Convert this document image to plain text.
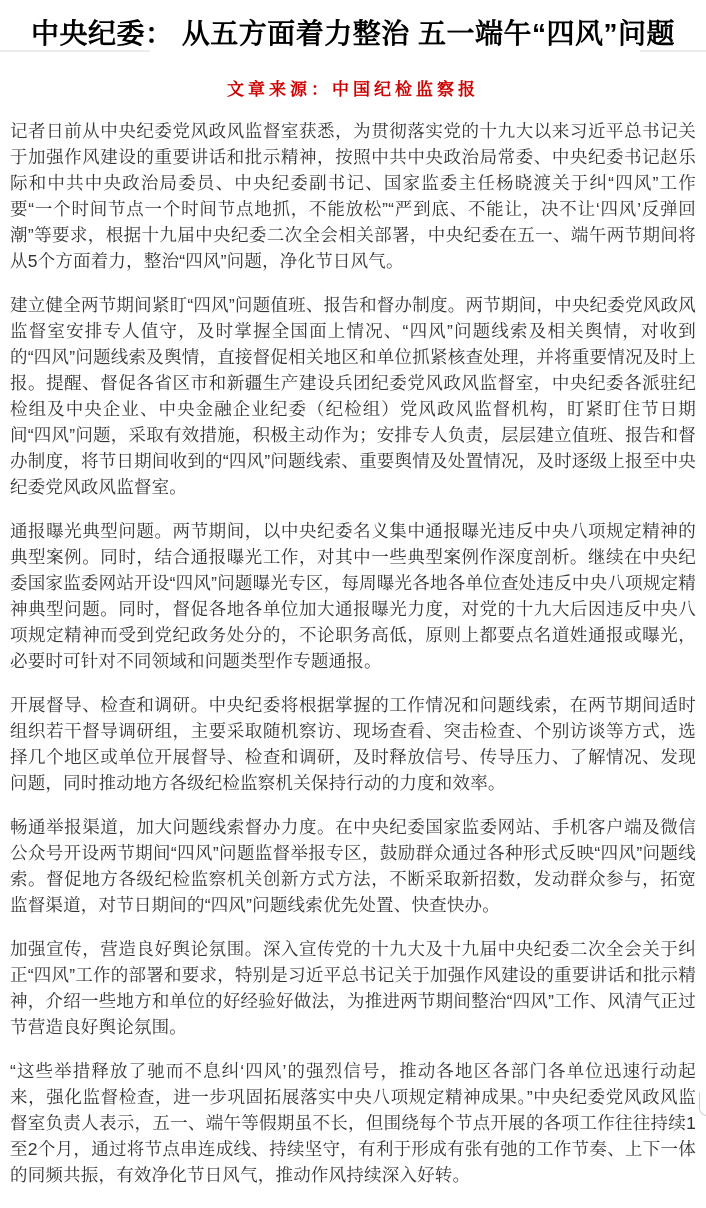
中央纪委： 从五方面着力整治 五一端午“四风”问题
文章来源：中国纪检监察报

记者日前从中央纪委党风政风监督室获悉，为贯彻落实党的十九大以来习近平总书记关于加强作风建设的重要讲话和批示精神，按照中共中央政治局常委、中央纪委书记赵乐际和中共中央政治局委员、中央纪委副书记、国家监委主任杨晓渡关于纠“四风”工作要“一个时间节点一个时间节点地抓，不能放松”“严到底、不能让，决不让‘四风’反弹回潮”等要求，根据十九届中央纪委二次全会相关部署，中央纪委在五一、端午两节期间将从5个方面着力，整治“四风”问题，净化节日风气。

建立健全两节期间紧盯“四风”问题值班、报告和督办制度。两节期间，中央纪委党风政风监督室安排专人值守，及时掌握全国面上情况、“四风”问题线索及相关舆情，对收到的“四风”问题线索及舆情，直接督促相关地区和单位抓紧核查处理，并将重要情况及时上报。提醒、督促各省区市和新疆生产建设兵团纪委党风政风监督室，中央纪委各派驻纪检组及中央企业、中央金融企业纪委（纪检组）党风政风监督机构，盯紧盯住节日期间“四风”问题，采取有效措施，积极主动作为；安排专人负责，层层建立值班、报告和督办制度，将节日期间收到的“四风”问题线索、重要舆情及处置情况，及时逐级上报至中央纪委党风政风监督室。

通报曝光典型问题。两节期间，以中央纪委名义集中通报曝光违反中央八项规定精神的典型案例。同时，结合通报曝光工作，对其中一些典型案例作深度剖析。继续在中央纪委国家监委网站开设“四风”问题曝光专区，每周曝光各地各单位查处违反中央八项规定精神典型问题。同时，督促各地各单位加大通报曝光力度，对党的十九大后因违反中央八项规定精神而受到党纪政务处分的，不论职务高低，原则上都要点名道姓通报或曝光，必要时可针对不同领域和问题类型作专题通报。

开展督导、检查和调研。中央纪委将根据掌握的工作情况和问题线索，在两节期间适时组织若干督导调研组，主要采取随机察访、现场查看、突击检查、个别访谈等方式，选择几个地区或单位开展督导、检查和调研，及时释放信号、传导压力、了解情况、发现问题，同时推动地方各级纪检监察机关保持行动的力度和效率。

畅通举报渠道，加大问题线索督办力度。在中央纪委国家监委网站、手机客户端及微信公众号开设两节期间“四风”问题监督举报专区，鼓励群众通过各种形式反映“四风”问题线索。督促地方各级纪检监察机关创新方式方法，不断采取新招数，发动群众参与，拓宽监督渠道，对节日期间的“四风”问题线索优先处置、快查快办。

加强宣传，营造良好舆论氛围。深入宣传党的十九大及十九届中央纪委二次全会关于纠正“四风”工作的部署和要求，特别是习近平总书记关于加强作风建设的重要讲话和批示精神，介绍一些地方和单位的好经验好做法，为推进两节期间整治“四风”工作、风清气正过节营造良好舆论氛围。

“这些举措释放了驰而不息纠‘四风’的强烈信号，推动各地区各部门各单位迅速行动起来，强化监督检查，进一步巩固拓展落实中央八项规定精神成果。”中央纪委党风政风监督室负责人表示，五一、端午等假期虽不长，但围绕每个节点开展的各项工作往往持续1至2个月，通过将节点串连成线、持续坚守，有利于形成有张有弛的工作节奏、上下一体的同频共振，有效净化节日风气，推动作风持续深入好转。
